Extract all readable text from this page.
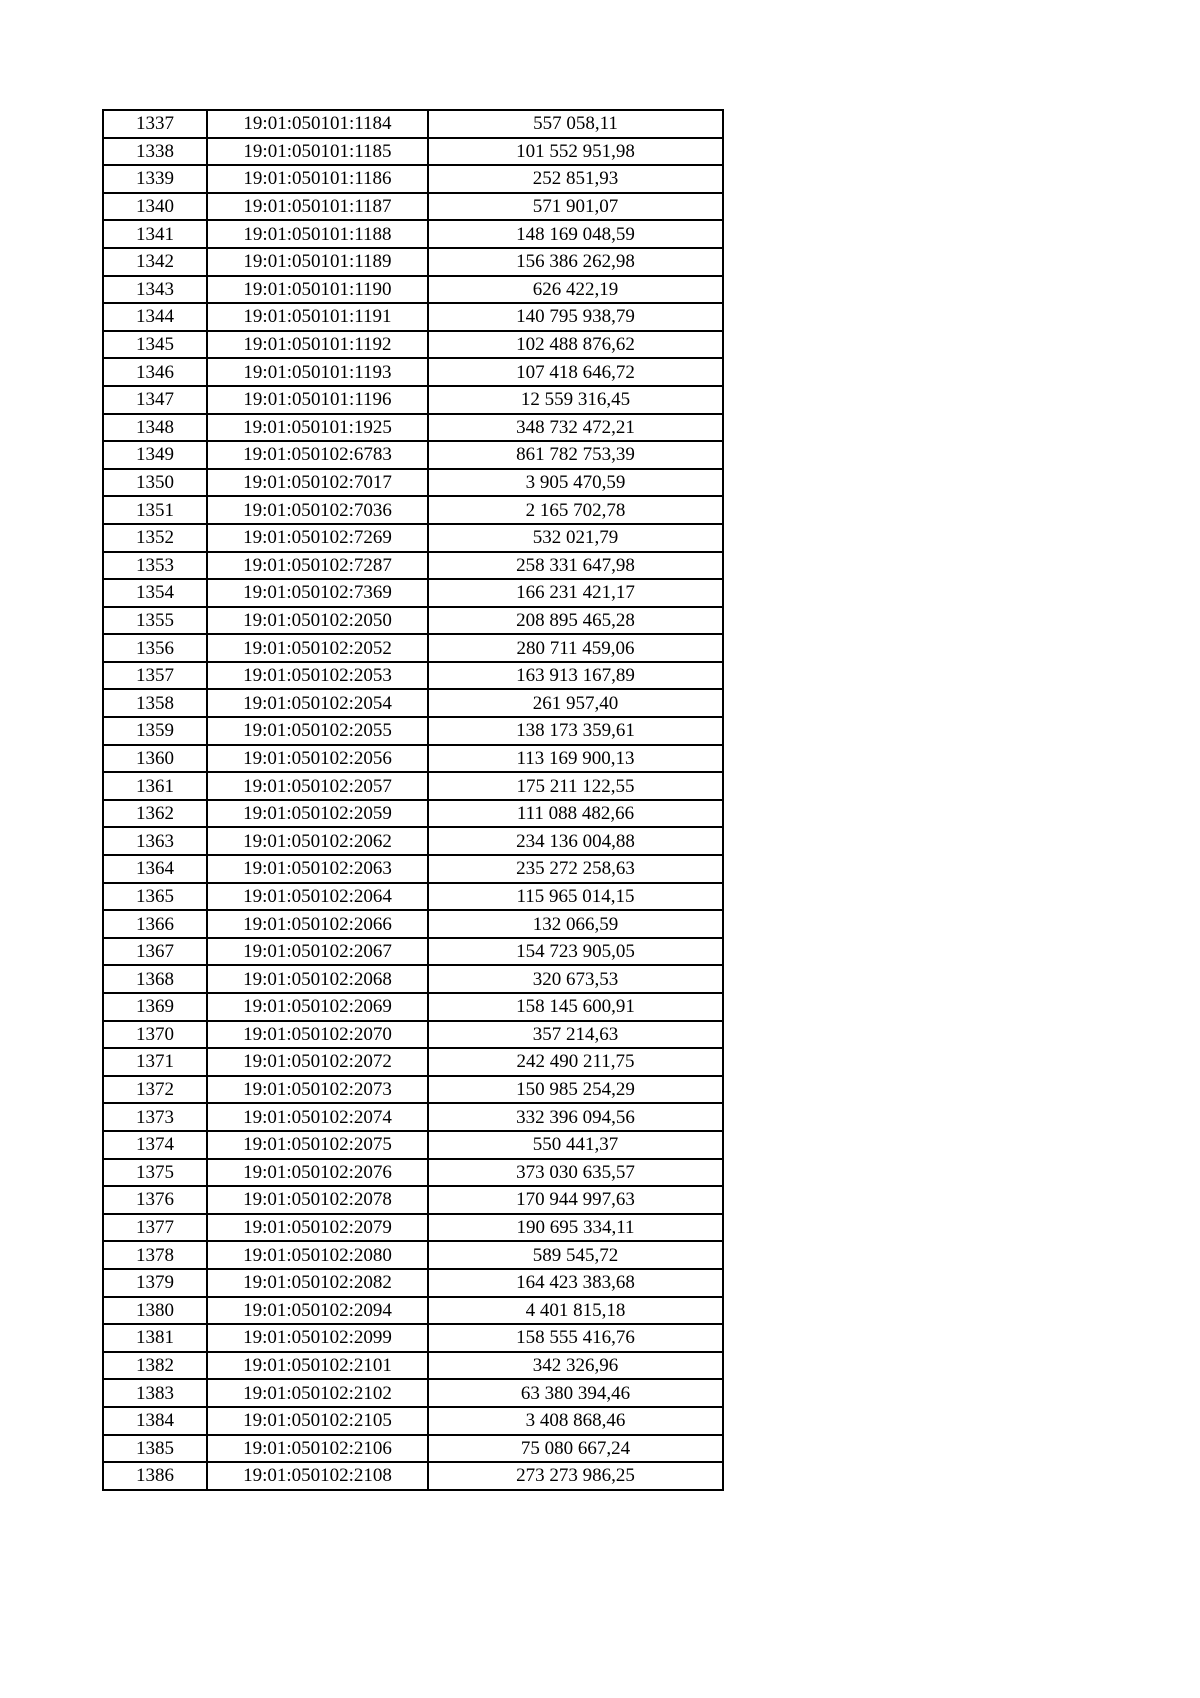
1337	19:01:050101:1184	557 058,11
1338	19:01:050101:1185	101 552 951,98
1339	19:01:050101:1186	252 851,93
1340	19:01:050101:1187	571 901,07
1341	19:01:050101:1188	148 169 048,59
1342	19:01:050101:1189	156 386 262,98
1343	19:01:050101:1190	626 422,19
1344	19:01:050101:1191	140 795 938,79
1345	19:01:050101:1192	102 488 876,62
1346	19:01:050101:1193	107 418 646,72
1347	19:01:050101:1196	12 559 316,45
1348	19:01:050101:1925	348 732 472,21
1349	19:01:050102:6783	861 782 753,39
1350	19:01:050102:7017	3 905 470,59
1351	19:01:050102:7036	2 165 702,78
1352	19:01:050102:7269	532 021,79
1353	19:01:050102:7287	258 331 647,98
1354	19:01:050102:7369	166 231 421,17
1355	19:01:050102:2050	208 895 465,28
1356	19:01:050102:2052	280 711 459,06
1357	19:01:050102:2053	163 913 167,89
1358	19:01:050102:2054	261 957,40
1359	19:01:050102:2055	138 173 359,61
1360	19:01:050102:2056	113 169 900,13
1361	19:01:050102:2057	175 211 122,55
1362	19:01:050102:2059	111 088 482,66
1363	19:01:050102:2062	234 136 004,88
1364	19:01:050102:2063	235 272 258,63
1365	19:01:050102:2064	115 965 014,15
1366	19:01:050102:2066	132 066,59
1367	19:01:050102:2067	154 723 905,05
1368	19:01:050102:2068	320 673,53
1369	19:01:050102:2069	158 145 600,91
1370	19:01:050102:2070	357 214,63
1371	19:01:050102:2072	242 490 211,75
1372	19:01:050102:2073	150 985 254,29
1373	19:01:050102:2074	332 396 094,56
1374	19:01:050102:2075	550 441,37
1375	19:01:050102:2076	373 030 635,57
1376	19:01:050102:2078	170 944 997,63
1377	19:01:050102:2079	190 695 334,11
1378	19:01:050102:2080	589 545,72
1379	19:01:050102:2082	164 423 383,68
1380	19:01:050102:2094	4 401 815,18
1381	19:01:050102:2099	158 555 416,76
1382	19:01:050102:2101	342 326,96
1383	19:01:050102:2102	63 380 394,46
1384	19:01:050102:2105	3 408 868,46
1385	19:01:050102:2106	75 080 667,24
1386	19:01:050102:2108	273 273 986,25
